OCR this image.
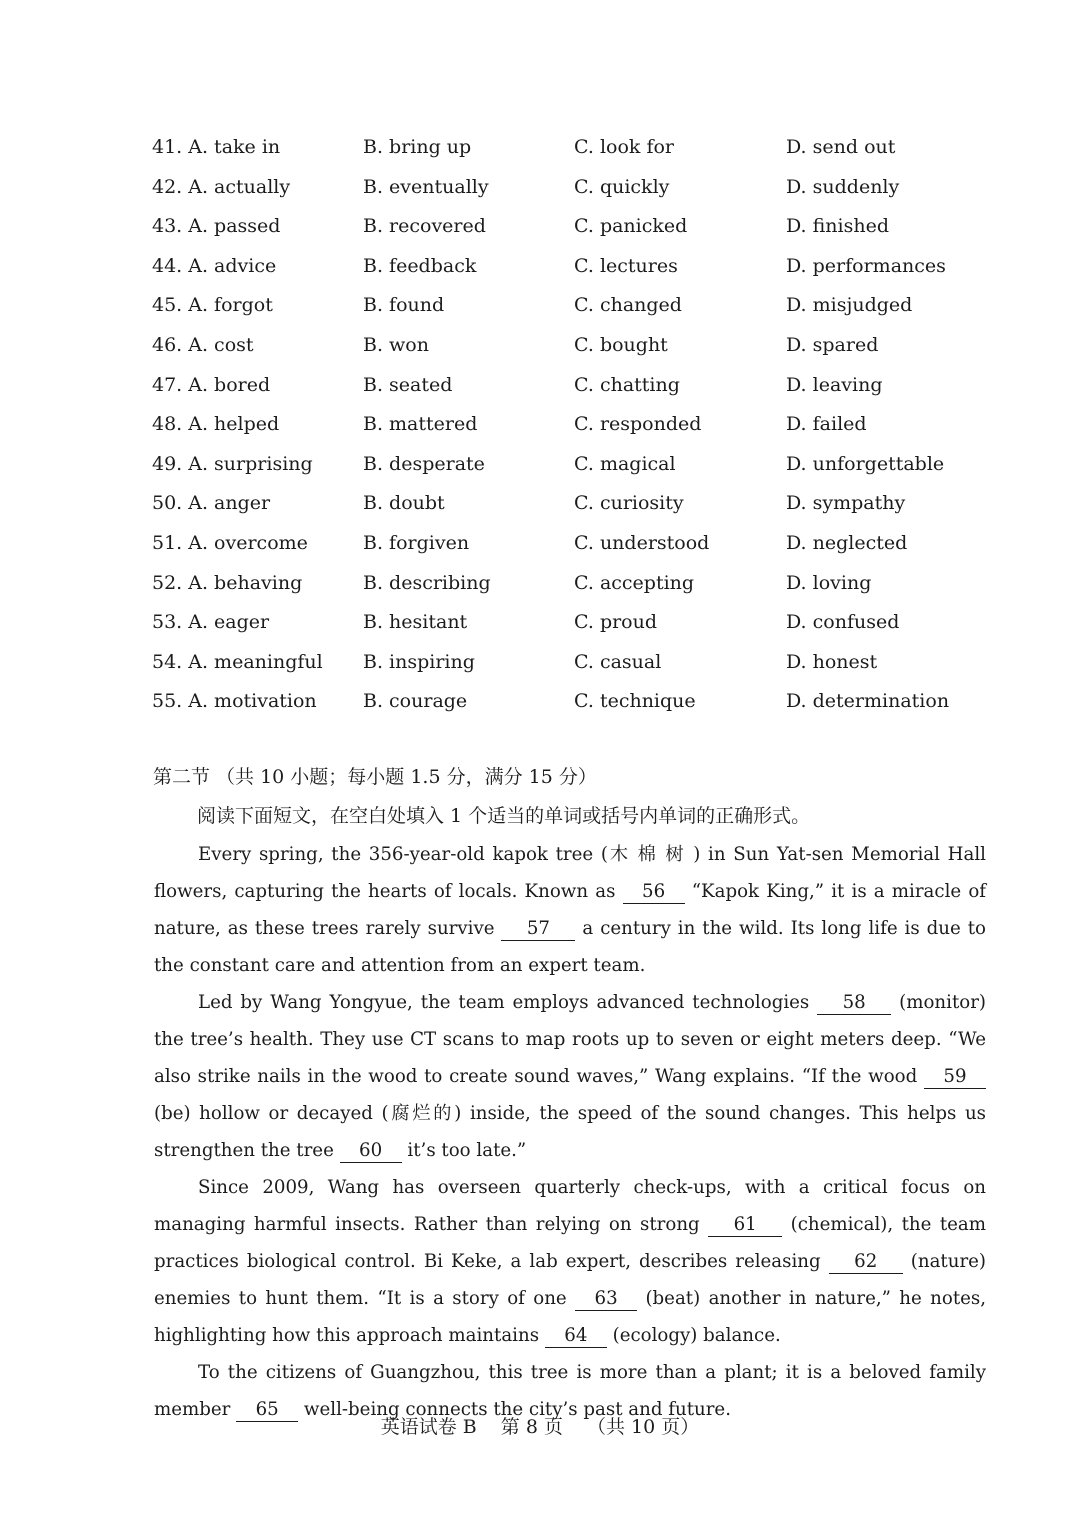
41. A. take in	B. bring up	C. look for	D. send out
42. A. actually	B. eventually	C. quickly	D. suddenly
43. A. passed	B. recovered	C. panicked	D. finished
44. A. advice	B. feedback	C. lectures	D. performances
45. A. forgot	B. found	C. changed	D. misjudged
46. A. cost	B. won	C. bought	D. spared
47. A. bored	B. seated	C. chatting	D. leaving
48. A. helped	B. mattered	C. responded	D. failed
49. A. surprising	B. desperate	C. magical	D. unforgettable
50. A. anger	B. doubt	C. curiosity	D. sympathy
51. A. overcome	B. forgiven	C. understood	D. neglected
52. A. behaving	B. describing	C. accepting	D. loving
53. A. eager	B. hesitant	C. proud	D. confused
54. A. meaningful B. inspiring	C. casual	D. honest
55. A. motivation B. courage	C. technique	D. determination
第二节 （共 10 小题；每小题 1.5 分，满分 15 分）
阅读下面短文，在空白处填入 1 个适当的单词或括号内单词的正确形式。

Every spring, the 356-year-old kapok tree (木 棉 树 ) in Sun Yat-sen Memorial Hall flowers, capturing the hearts of locals. Known as 56 “Kapok King,” it is a miracle of nature, as these trees rarely survive 57 a century in the wild. Its long life is due to the constant care and attention from an expert team.

Led by Wang Yongyue, the team employs advanced technologies 58 (monitor) the tree’s health. They use CT scans to map roots up to seven or eight meters deep. “We also strike nails in the wood to create sound waves,” Wang explains. “If the wood 59 (be) hollow or decayed (腐烂的) inside, the speed of the sound changes. This helps us strengthen the tree 60 it’s too late.”

Since 2009, Wang has overseen quarterly check-ups, with a critical focus on managing harmful insects. Rather than relying on strong 61 (chemical), the team practices biological control. Bi Keke, a lab expert, describes releasing 62 (nature) enemies to hunt them. “It is a story of one 63 (beat) another in nature,” he notes, highlighting how this approach maintains 64 (ecology) balance.

To the citizens of Guangzhou, this tree is more than a plant; it is a beloved family member 65 well-being connects the city’s past and future.

英语试卷 B 第 8 页 （共 10 页）
